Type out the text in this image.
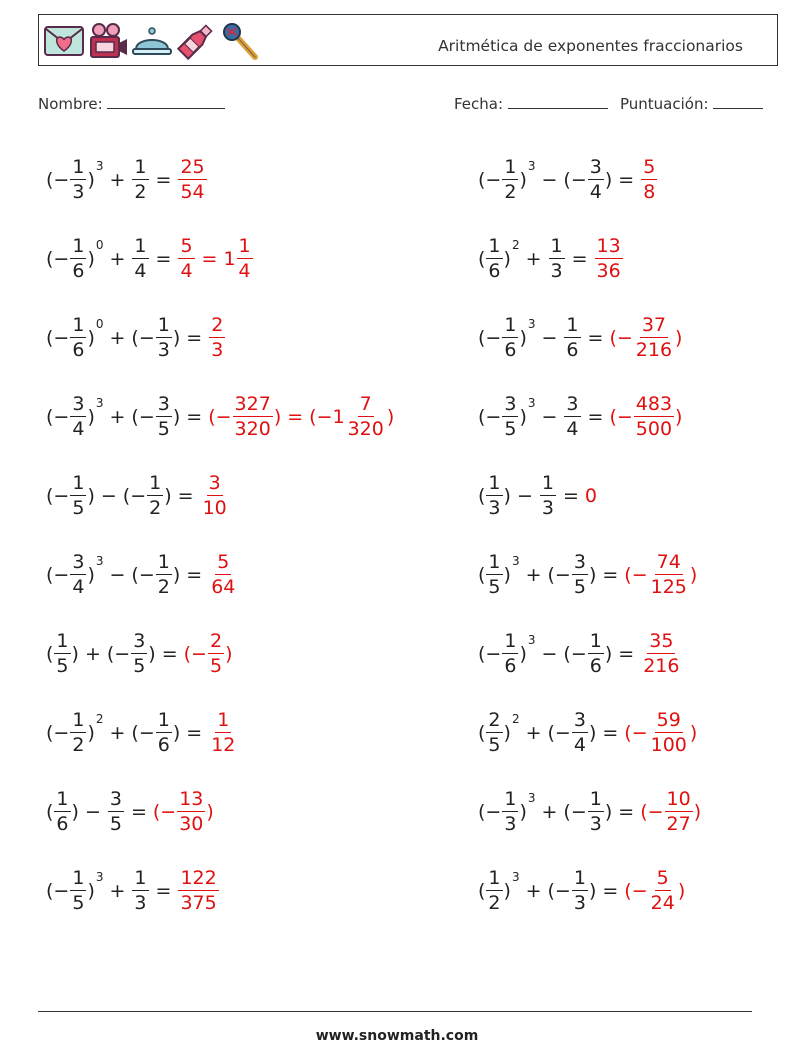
Aritmética de exponentes fraccionarios
Nombre:	Fecha:	Puntuación:
(− $\frac{1}{3}$ )
3
+ $\frac{1}{2} = \frac{25}{54}$
(− $\frac{1}{6}$ )
0
+ $\frac{1}{4} = \frac{5}{4} = 1 \frac{1}{4}$
(− $\frac{1}{6}$ )
0
+ (− $\frac{1}{3}$ ) = $\frac{2}{3}$
(− $\frac{3}{4}$ )
3
+ (− $\frac{3}{5}$ ) = (− $\frac{327}{320}$ ) = ($-1 \frac{7}{320}$ )
(− $\frac{1}{5}$ ) − (− $\frac{1}{2}$ ) = $\frac{3}{10}$
(− $\frac{3}{4}$ )
3
− (− $\frac{1}{2}$ ) = $\frac{5}{64}$
( $\frac{1}{5}$ ) + (− $\frac{3}{5}$ ) = (− $\frac{2}{5}$ )
(− $\frac{1}{2}$ )
2
+ (− $\frac{1}{6}$ ) = $\frac{1}{12}$
( $\frac{1}{6}$ ) − $\frac{3}{5}$ = (− $\frac{13}{30}$ )
(− $\frac{1}{5}$ )
3
+ $\frac{1}{3} = \frac{122}{375}$
(− $\frac{1}{2}$ )
3
− (− $\frac{3}{4}$ ) = $\frac{5}{8}$
( $\frac{1}{6}$ )
2
+ $\frac{1}{3} = \frac{13}{36}$
(− $\frac{1}{6}$ )
3
− $\frac{1}{6}$ = (− $\frac{37}{216}$ )
(− $\frac{3}{5}$ )
3
− $\frac{3}{4}$ = (− $\frac{483}{500}$ )
( $\frac{1}{3}$ ) − $\frac{1}{3} = 0$
( $\frac{1}{5}$ )
3
+ (− $\frac{3}{5}$ ) = (− $\frac{74}{125}$ )
(− $\frac{1}{6}$ )
3
− (− $\frac{1}{6}$ ) = $\frac{35}{216}$
( $\frac{2}{5}$ )
2
+ (− $\frac{3}{4}$ ) = (− $\frac{59}{100}$ )
(− $\frac{1}{3}$ )
3
+ (− $\frac{1}{3}$ ) = (− $\frac{10}{27}$ )
( $\frac{1}{2}$ )
3
+ (− $\frac{1}{3}$ ) = (− $\frac{5}{24}$ )
www.snowmath.com
